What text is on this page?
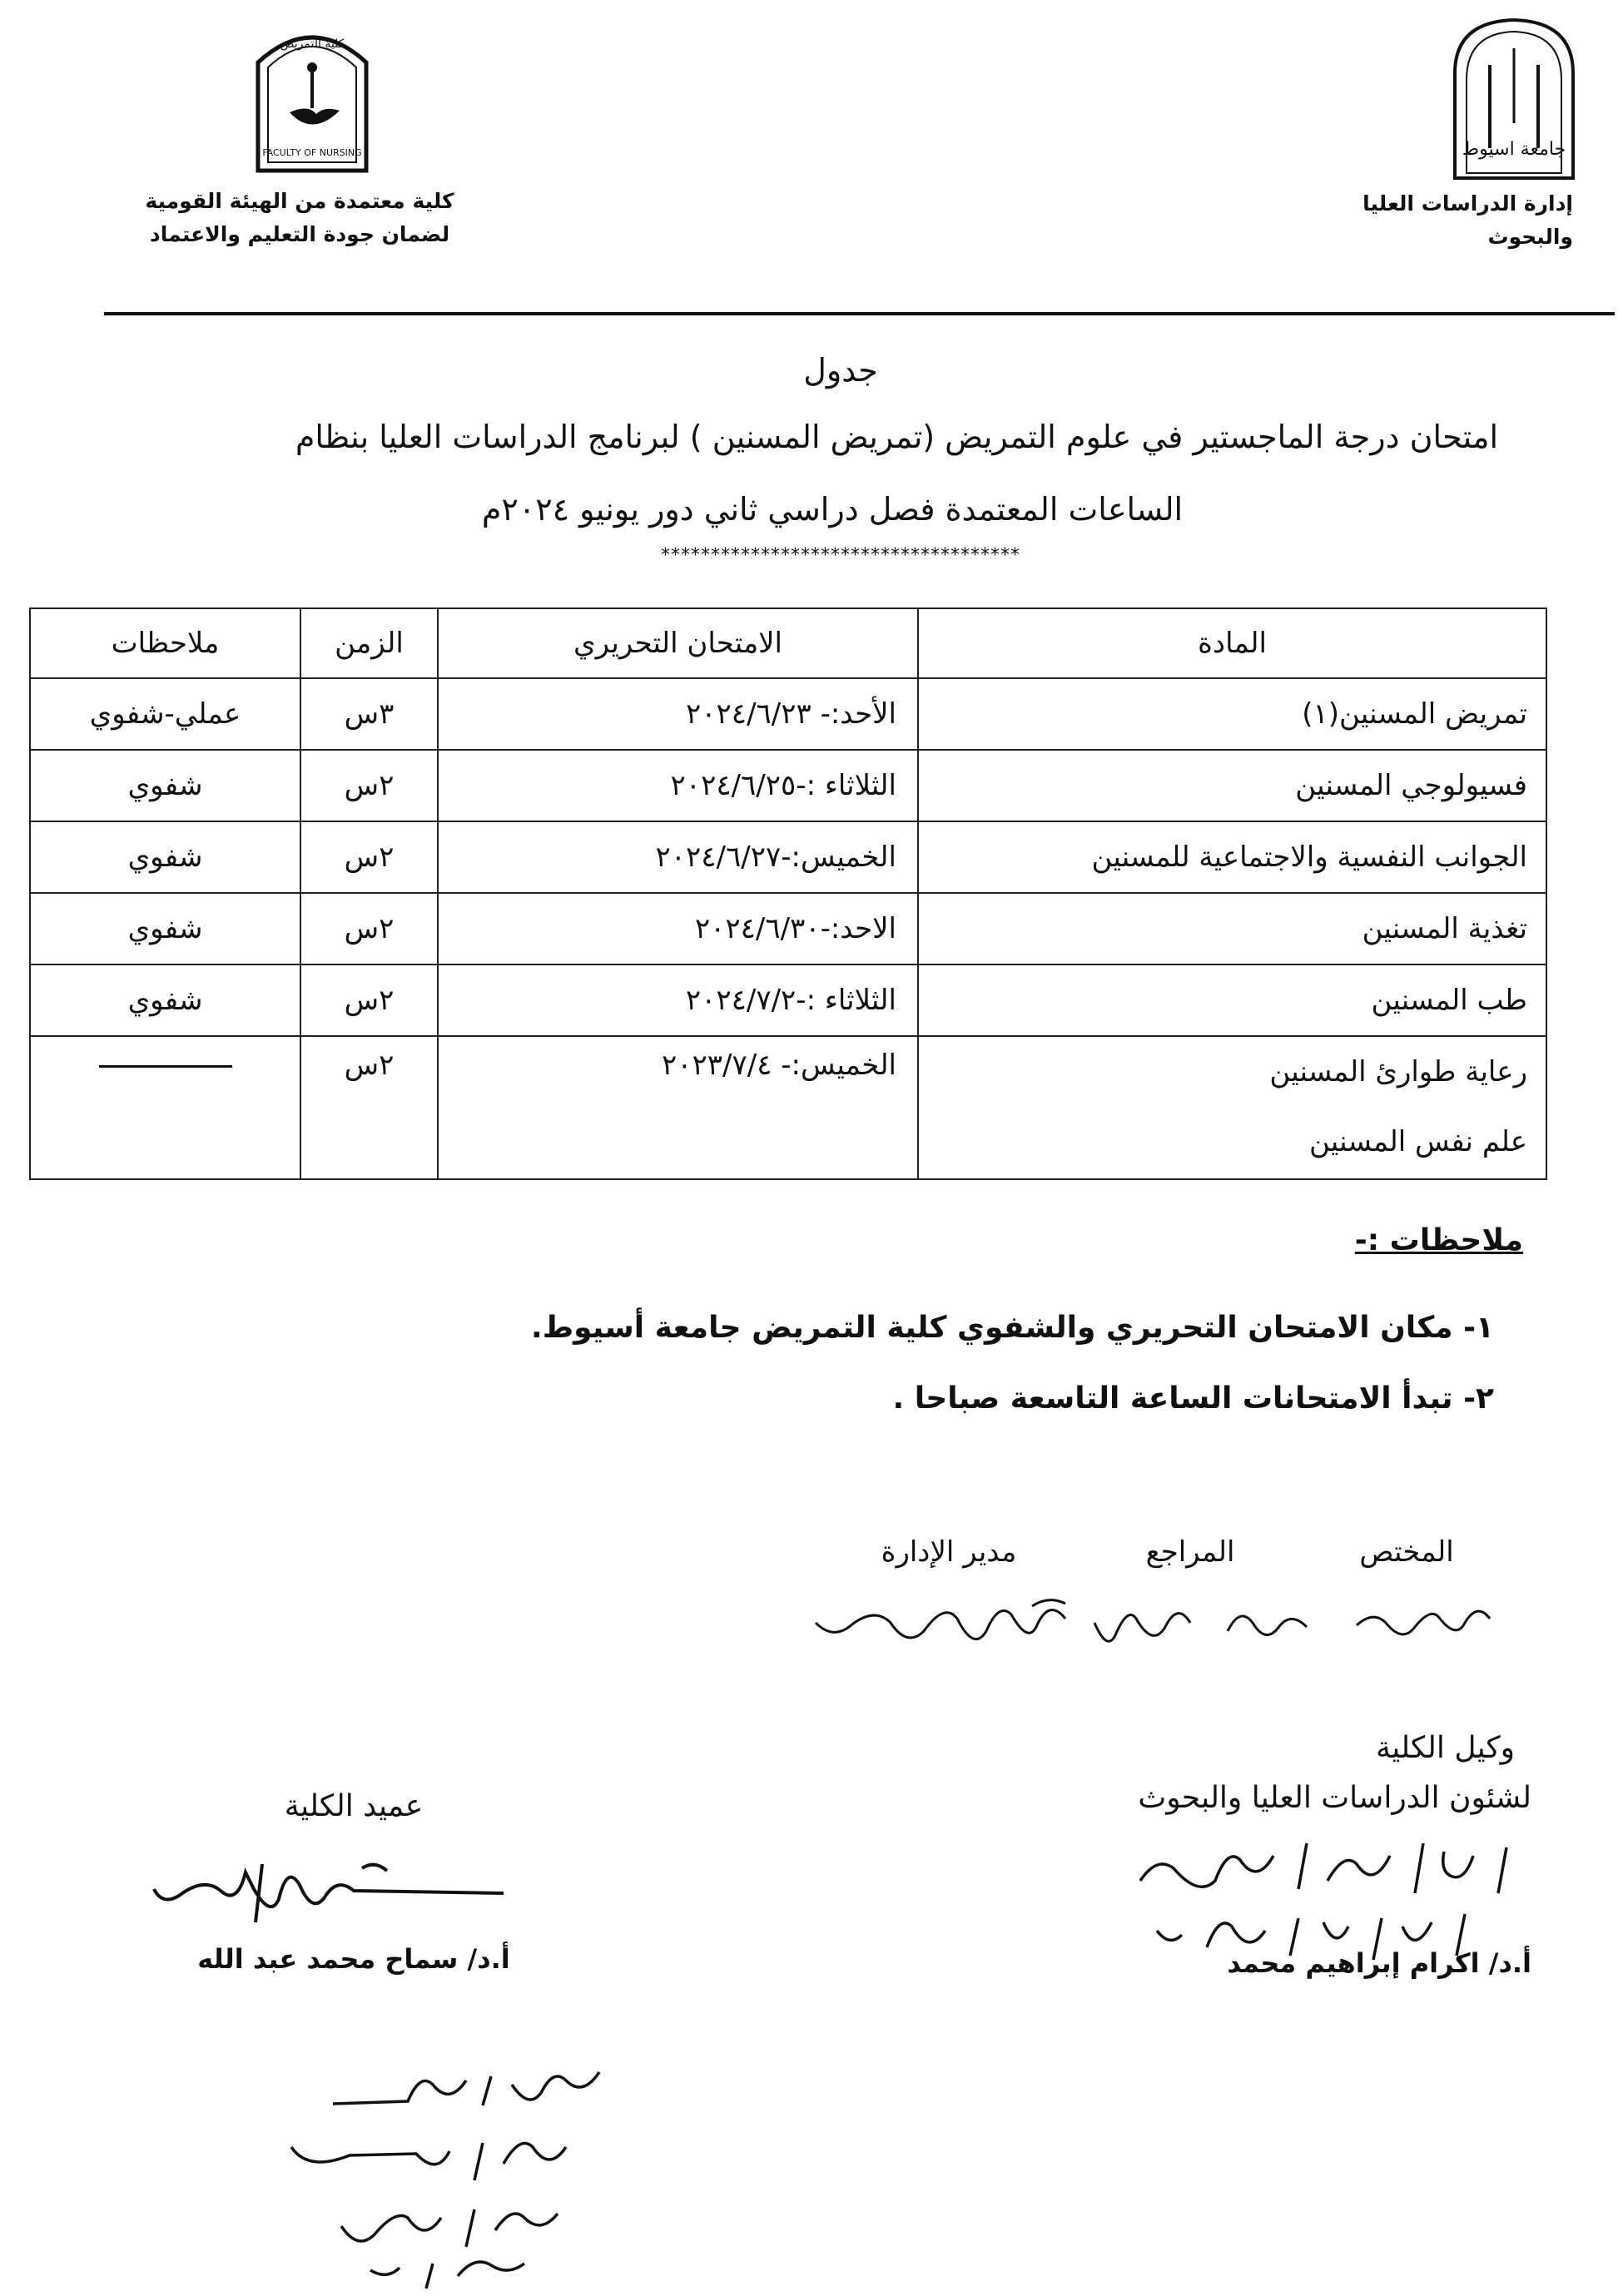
جامعة اسيوط
إدارة الدراسات العليا والبحوث
كلية التمريض
FACULTY OF NURSING
كلية معتمدة من الهيئة القومية
لضمان جودة التعليم والاعتماد
جدول
امتحان درجة الماجستير في علوم التمريض (تمريض المسنين ) لبرنامج الدراسات العليا بنظام
الساعات المعتمدة فصل دراسي ثاني دور يونيو ٢٠٢٤م
************************************
المادة	الامتحان التحريري	الزمن	ملاحظات
تمريض المسنين(١)	الأحد:- ٢٠٢٤/٦/٢٣	٣س	عملي-شفوي
فسيولوجي المسنين	الثلاثاء :-٢٠٢٤/٦/٢٥	٢س	شفوي
الجوانب النفسية والاجتماعية للمسنين	الخميس:-٢٠٢٤/٦/٢٧	٢س	شفوي
تغذية المسنين	الاحد:-٢٠٢٤/٦/٣٠	٢س	شفوي
طب المسنين	الثلاثاء :-٢٠٢٤/٧/٢	٢س	شفوي

رعاية طوارئ المسنين
علم نفس المسنين	الخميس:- ٢٠٢٣/٧/٤	٢س	
ملاحظات :-
١- مكان الامتحان التحريري والشفوي كلية التمريض جامعة أسيوط.
٢- تبدأ الامتحانات الساعة التاسعة صباحا .
المختص
المراجع
مدير الإدارة
وكيل الكلية
لشئون الدراسات العليا والبحوث
أ.د/ اكرام إبراهيم محمد
عميد الكلية
أ.د/ سماح محمد عبد الله
